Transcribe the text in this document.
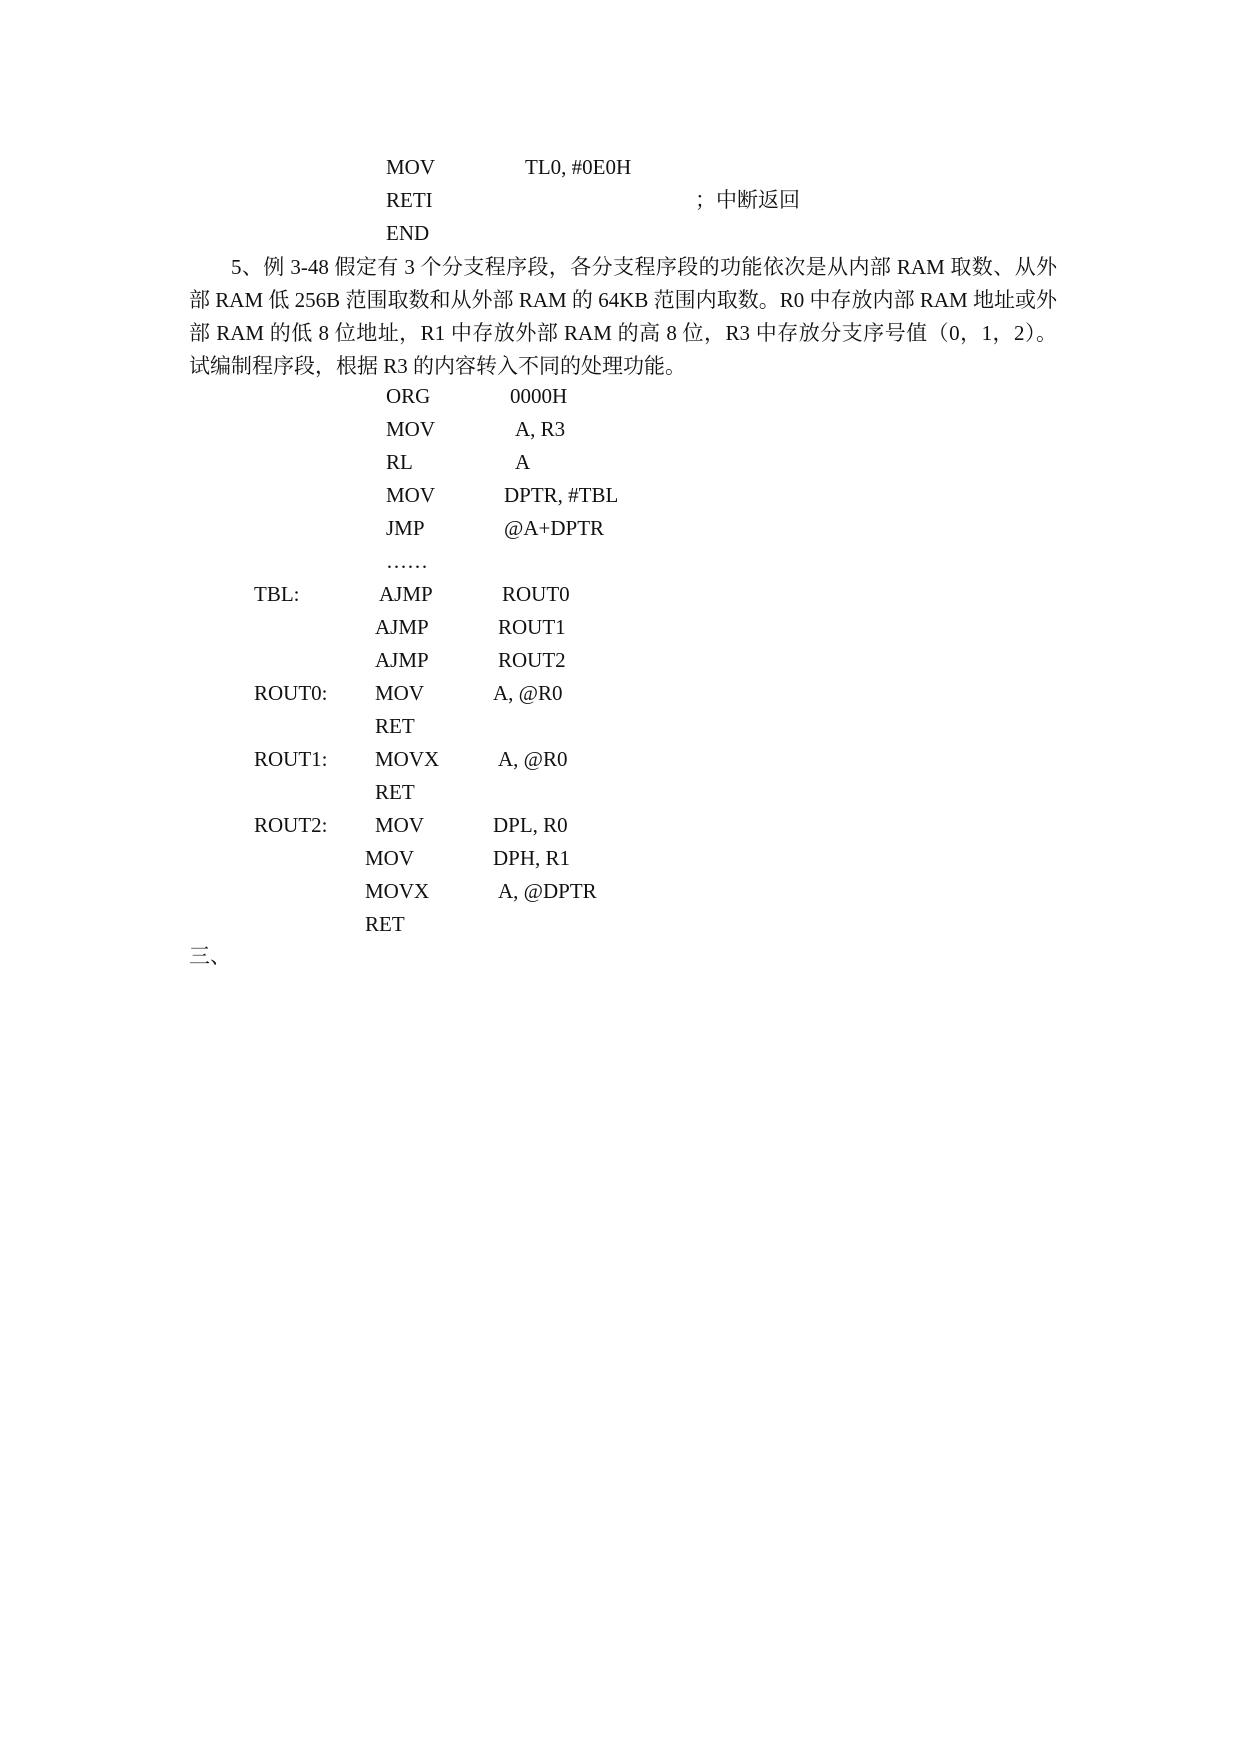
MOV	TL0, #0E0H
RETI	；中断返回
END
5、例 3-48 假定有 3 个分支程序段，各分支程序段的功能依次是从内部 RAM 取数、从外部 RAM 低 256B 范围取数和从外部 RAM 的 64KB 范围内取数。R0 中存放内部 RAM 地址或外部 RAM 的低 8 位地址，R1 中存放外部 RAM 的高 8 位，R3 中存放分支序号值（0，1，2）。试编制程序段，根据 R3 的内容转入不同的处理功能。
ORG	0000H
MOV	A, R3
RL	A
MOV	DPTR, #TBL
JMP	@A+DPTR
……
TBL:	AJMP	ROUT0
AJMP	ROUT1
AJMP	ROUT2
ROUT0: MOV	A, @R0
RET
ROUT1: MOVX	A, @R0
RET
ROUT2: MOV	DPL, R0
MOV	DPH, R1
MOVX	A, @DPTR
RET
三、
